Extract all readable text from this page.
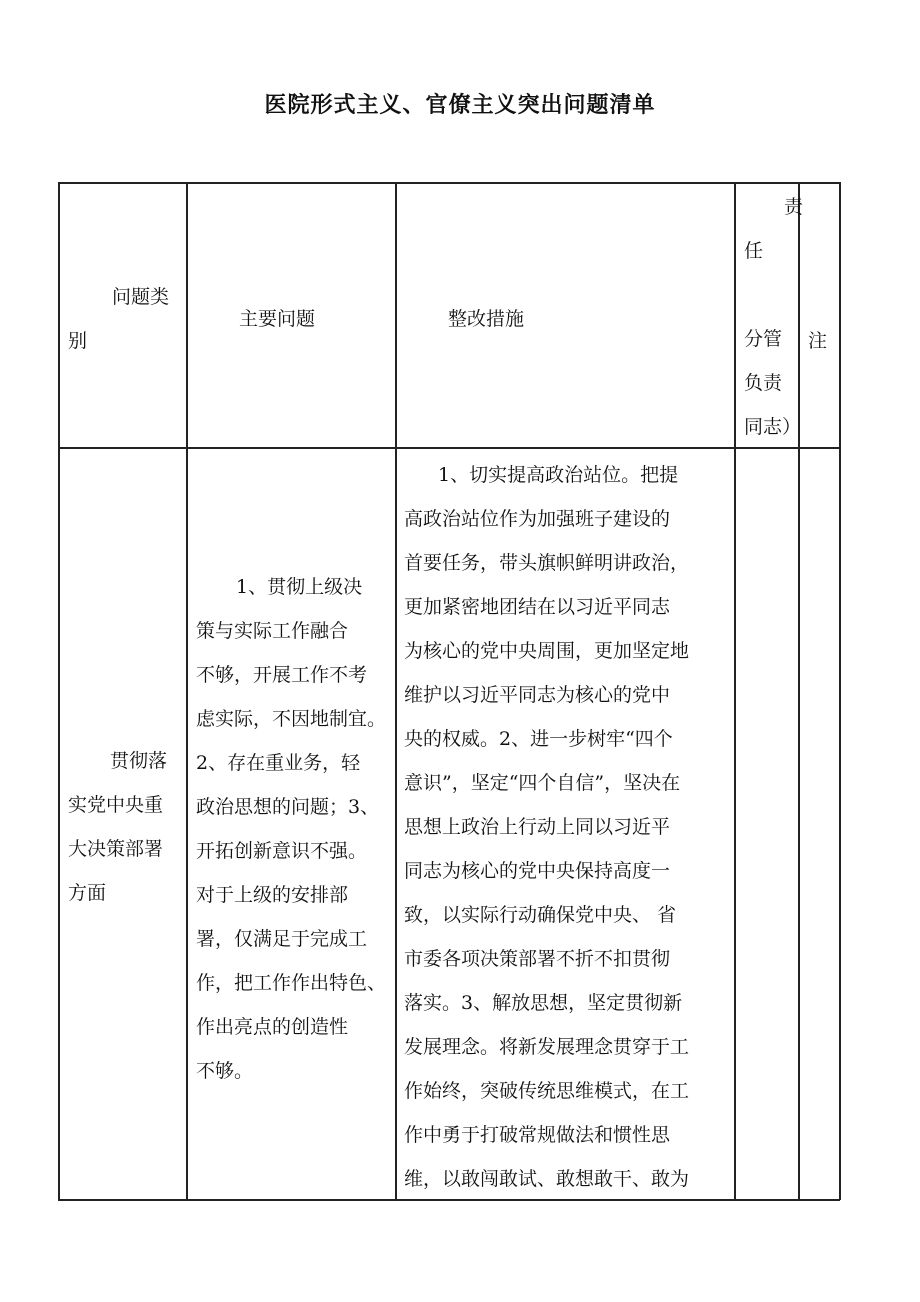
医院形式主义、官僚主义突出问题清单
问题类
别
主要问题	整改措施
责
任
分管
负责
同志）
注
贯彻落
实党中央重
大决策部署
方面
1、贯彻上级决
策与实际工作融合
不够，开展工作不考
虑实际，不因地制宜。
2、存在重业务，轻
政治思想的问题；3、
开拓创新意识不强。
对于上级的安排部
署，仅满足于完成工
作，把工作作出特色、
作出亮点的创造性
不够。
1、切实提高政治站位。把提
高政治站位作为加强班子建设的
首要任务，带头旗帜鲜明讲政治，
更加紧密地团结在以习近平同志
为核心的党中央周围，更加坚定地
维护以习近平同志为核心的党中
央的权威。2、进一步树牢“四个
意识”，坚定“四个自信”，坚决在
思想上政治上行动上同以习近平
同志为核心的党中央保持高度一
致，以实际行动确保党中央、 省
市委各项决策部署不折不扣贯彻
落实。3、解放思想，坚定贯彻新
发展理念。将新发展理念贯穿于工
作始终，突破传统思维模式，在工
作中勇于打破常规做法和惯性思
维，以敢闯敢试、敢想敢干、敢为
